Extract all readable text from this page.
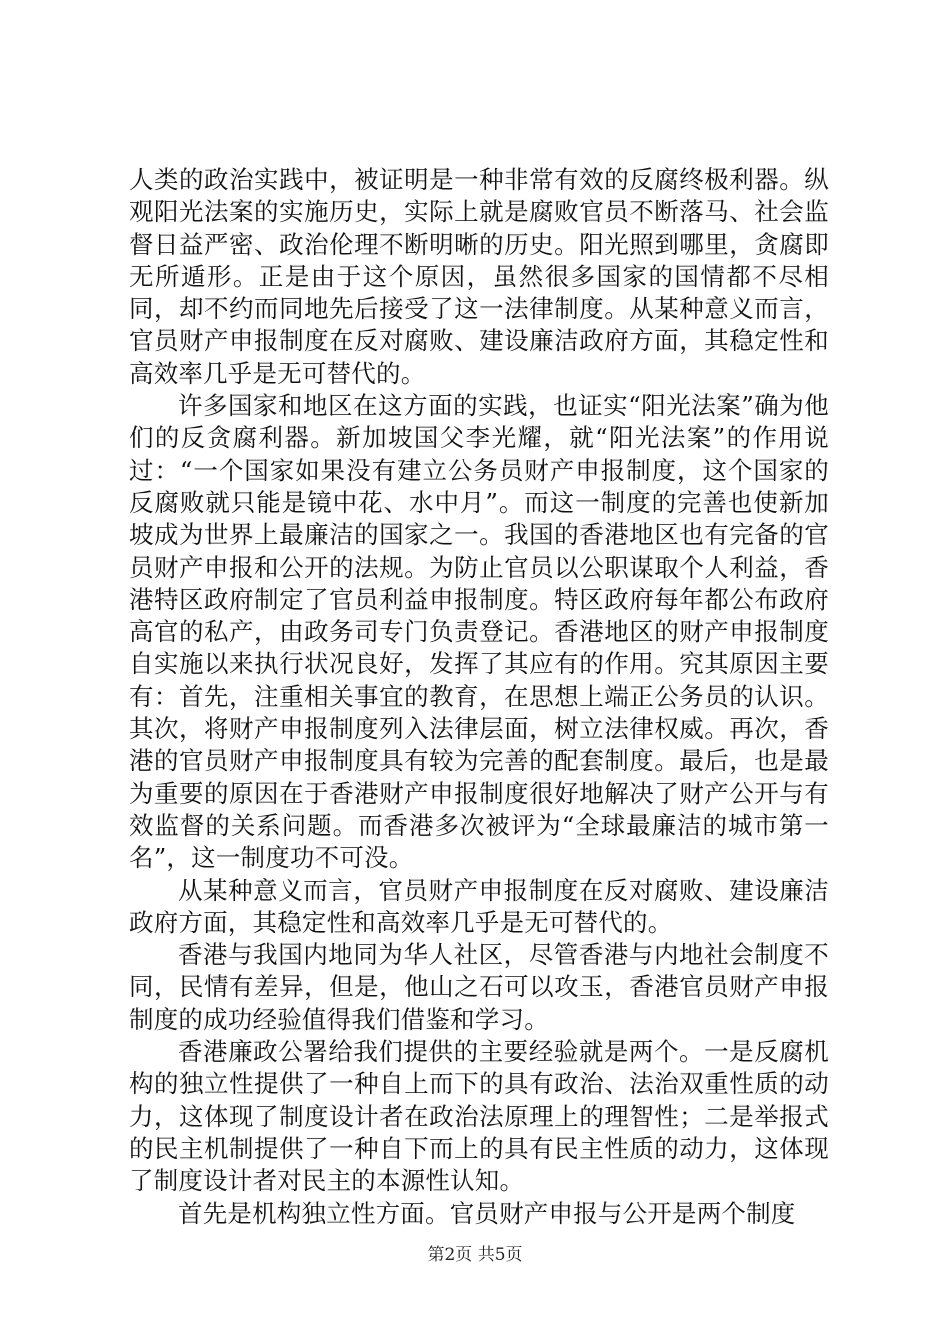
人类的政治实践中，被证明是一种非常有效的反腐终极利器。纵观阳光法案的实施历史，实际上就是腐败官员不断落马、社会监督日益严密、政治伦理不断明晰的历史。阳光照到哪里，贪腐即无所遁形。正是由于这个原因，虽然很多国家的国情都不尽相同，却不约而同地先后接受了这一法律制度。从某种意义而言，官员财产申报制度在反对腐败、建设廉洁政府方面，其稳定性和高效率几乎是无可替代的。

许多国家和地区在这方面的实践，也证实“阳光法案”确为他们的反贪腐利器。新加坡国父李光耀，就“阳光法案”的作用说过：“一个国家如果没有建立公务员财产申报制度，这个国家的反腐败就只能是镜中花、水中月”。而这一制度的完善也使新加坡成为世界上最廉洁的国家之一。我国的香港地区也有完备的官员财产申报和公开的法规。为防止官员以公职谋取个人利益，香港特区政府制定了官员利益申报制度。特区政府每年都公布政府高官的私产，由政务司专门负责登记。香港地区的财产申报制度自实施以来执行状况良好，发挥了其应有的作用。究其原因主要有：首先，注重相关事宜的教育，在思想上端正公务员的认识。其次，将财产申报制度列入法律层面，树立法律权威。再次，香港的官员财产申报制度具有较为完善的配套制度。最后，也是最为重要的原因在于香港财产申报制度很好地解决了财产公开与有效监督的关系问题。而香港多次被评为“全球最廉洁的城市第一名”，这一制度功不可没。

从某种意义而言，官员财产申报制度在反对腐败、建设廉洁政府方面，其稳定性和高效率几乎是无可替代的。

香港与我国内地同为华人社区，尽管香港与内地社会制度不同，民情有差异，但是，他山之石可以攻玉，香港官员财产申报制度的成功经验值得我们借鉴和学习。

香港廉政公署给我们提供的主要经验就是两个。一是反腐机构的独立性提供了一种自上而下的具有政治、法治双重性质的动力，这体现了制度设计者在政治法原理上的理智性；二是举报式的民主机制提供了一种自下而上的具有民主性质的动力，这体现了制度设计者对民主的本源性认知。

首先是机构独立性方面。官员财产申报与公开是两个制度

第2页 共5页
